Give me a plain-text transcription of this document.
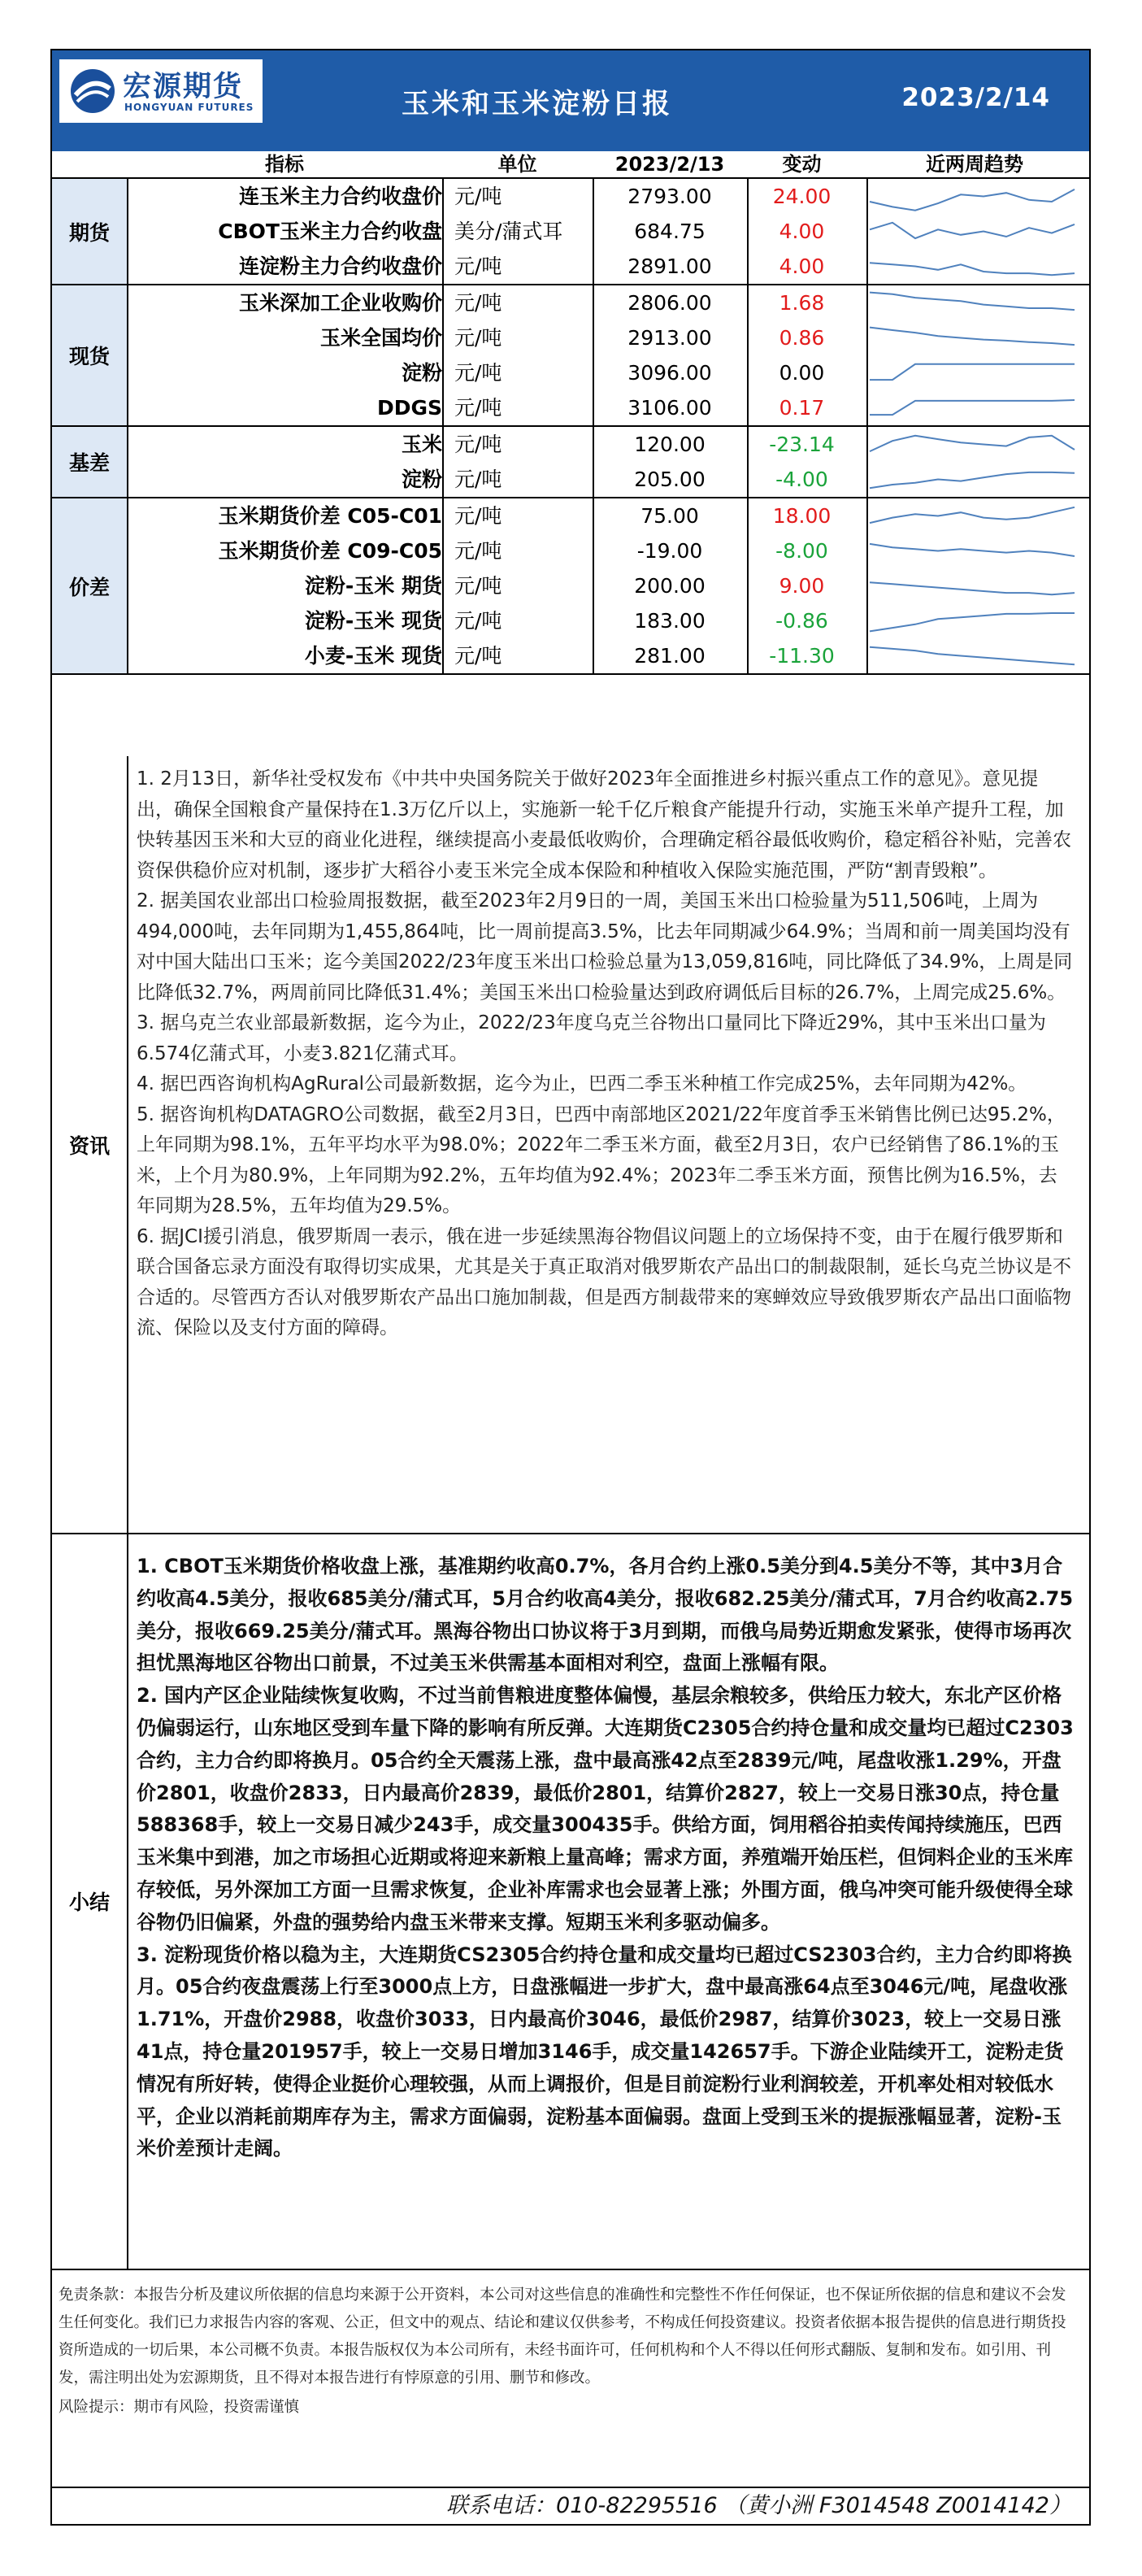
宏源期货
HONGYUAN FUTURES	玉米和玉米淀粉日报	2023/2/14
指标	单位	2023/2/13	变动	近两周趋势
期货
连玉米主力合约收盘价 元/吨	2793.00	24.00
CBOT玉米主力合约收盘 美分/蒲式耳	684.75	4.00
连淀粉主力合约收盘价 元/吨	2891.00	4.00
现货
玉米深加工企业收购价 元/吨	2806.00	1.68
玉米全国均价 元/吨	2913.00	0.86
淀粉 元/吨	3096.00	0.00
DDGS 元/吨	3106.00	0.17
基差
玉米 元/吨	120.00	-23.14
淀粉 元/吨	205.00	-4.00
价差
玉米期货价差 C05-C01 元/吨	75.00	18.00
玉米期货价差 C09-C05 元/吨	-19.00	-8.00
淀粉-玉米 期货 元/吨	200.00	9.00
淀粉-玉米 现货 元/吨	183.00	-0.86
小麦-玉米 现货 元/吨	281.00	-11.30
资讯

1. 2月13日，新华社受权发布《中共中央国务院关于做好2023年全面推进乡村振兴重点工作的意见》。意见提出，确保全国粮食产量保持在1.3万亿斤以上，实施新一轮千亿斤粮食产能提升行动，实施玉米单产提升工程，加快转基因玉米和大豆的商业化进程，继续提高小麦最低收购价，合理确定稻谷最低收购价，稳定稻谷补贴，完善农资保供稳价应对机制，逐步扩大稻谷小麦玉米完全成本保险和种植收入保险实施范围，严防“割青毁粮”。

2. 据美国农业部出口检验周报数据，截至2023年2月9日的一周，美国玉米出口检验量为511,506吨，上周为494,000吨，去年同期为1,455,864吨，比一周前提高3.5%，比去年同期减少64.9%；当周和前一周美国均没有对中国大陆出口玉米；迄今美国2022/23年度玉米出口检验总量为13,059,816吨，同比降低了34.9%，上周是同比降低32.7%，两周前同比降低31.4%；美国玉米出口检验量达到政府调低后目标的26.7%，上周完成25.6%。

3. 据乌克兰农业部最新数据，迄今为止，2022/23年度乌克兰谷物出口量同比下降近29%，其中玉米出口量为6.574亿蒲式耳，小麦3.821亿蒲式耳。

4. 据巴西咨询机构AgRural公司最新数据，迄今为止，巴西二季玉米种植工作完成25%，去年同期为42%。

5. 据咨询机构DATAGRO公司数据，截至2月3日，巴西中南部地区2021/22年度首季玉米销售比例已达95.2%，上年同期为98.1%，五年平均水平为98.0%；2022年二季玉米方面，截至2月3日，农户已经销售了86.1%的玉米，上个月为80.9%，上年同期为92.2%，五年均值为92.4%；2023年二季玉米方面，预售比例为16.5%，去年同期为28.5%，五年均值为29.5%。

6. 据JCI援引消息，俄罗斯周一表示，俄在进一步延续黑海谷物倡议问题上的立场保持不变，由于在履行俄罗斯和联合国备忘录方面没有取得切实成果，尤其是关于真正取消对俄罗斯农产品出口的制裁限制，延长乌克兰协议是不合适的。尽管西方否认对俄罗斯农产品出口施加制裁，但是西方制裁带来的寒蝉效应导致俄罗斯农产品出口面临物流、保险以及支付方面的障碍。

小结

1. CBOT玉米期货价格收盘上涨，基准期约收高0.7%，各月合约上涨0.5美分到4.5美分不等，其中3月合约收高4.5美分，报收685美分/蒲式耳，5月合约收高4美分，报收682.25美分/蒲式耳，7月合约收高2.75美分，报收669.25美分/蒲式耳。黑海谷物出口协议将于3月到期，而俄乌局势近期愈发紧张，使得市场再次担忧黑海地区谷物出口前景，不过美玉米供需基本面相对利空，盘面上涨幅有限。

2. 国内产区企业陆续恢复收购，不过当前售粮进度整体偏慢，基层余粮较多，供给压力较大，东北产区价格仍偏弱运行，山东地区受到车量下降的影响有所反弹。大连期货C2305合约持仓量和成交量均已超过C2303合约，主力合约即将换月。05合约全天震荡上涨，盘中最高涨42点至2839元/吨，尾盘收涨1.29%，开盘价2801，收盘价2833，日内最高价2839，最低价2801，结算价2827，较上一交易日涨30点，持仓量588368手，较上一交易日减少243手，成交量300435手。供给方面，饲用稻谷拍卖传闻持续施压，巴西玉米集中到港，加之市场担心近期或将迎来新粮上量高峰；需求方面，养殖端开始压栏，但饲料企业的玉米库存较低，另外深加工方面一旦需求恢复，企业补库需求也会显著上涨；外围方面，俄乌冲突可能升级使得全球谷物仍旧偏紧，外盘的强势给内盘玉米带来支撑。短期玉米利多驱动偏多。

3. 淀粉现货价格以稳为主，大连期货CS2305合约持仓量和成交量均已超过CS2303合约，主力合约即将换月。05合约夜盘震荡上行至3000点上方，日盘涨幅进一步扩大，盘中最高涨64点至3046元/吨，尾盘收涨1.71%，开盘价2988，收盘价3033，日内最高价3046，最低价2987，结算价3023，较上一交易日涨41点，持仓量201957手，较上一交易日增加3146手，成交量142657手。下游企业陆续开工，淀粉走货情况有所好转，使得企业挺价心理较强，从而上调报价，但是目前淀粉行业利润较差，开机率处相对较低水平，企业以消耗前期库存为主，需求方面偏弱，淀粉基本面偏弱。盘面上受到玉米的提振涨幅显著，淀粉-玉米价差预计走阔。

免责条款：本报告分析及建议所依据的信息均来源于公开资料，本公司对这些信息的准确性和完整性不作任何保证，也不保证所依据的信息和建议不会发生任何变化。我们已力求报告内容的客观、公正，但文中的观点、结论和建议仅供参考，不构成任何投资建议。投资者依据本报告提供的信息进行期货投资所造成的一切后果，本公司概不负责。本报告版权仅为本公司所有，未经书面许可，任何机构和个人不得以任何形式翻版、复制和发布。如引用、刊发，需注明出处为宏源期货，且不得对本报告进行有悖原意的引用、删节和修改。

风险提示：期市有风险，投资需谨慎

联系电话：010-82295516 （黄小洲 F3014548 Z0014142）
